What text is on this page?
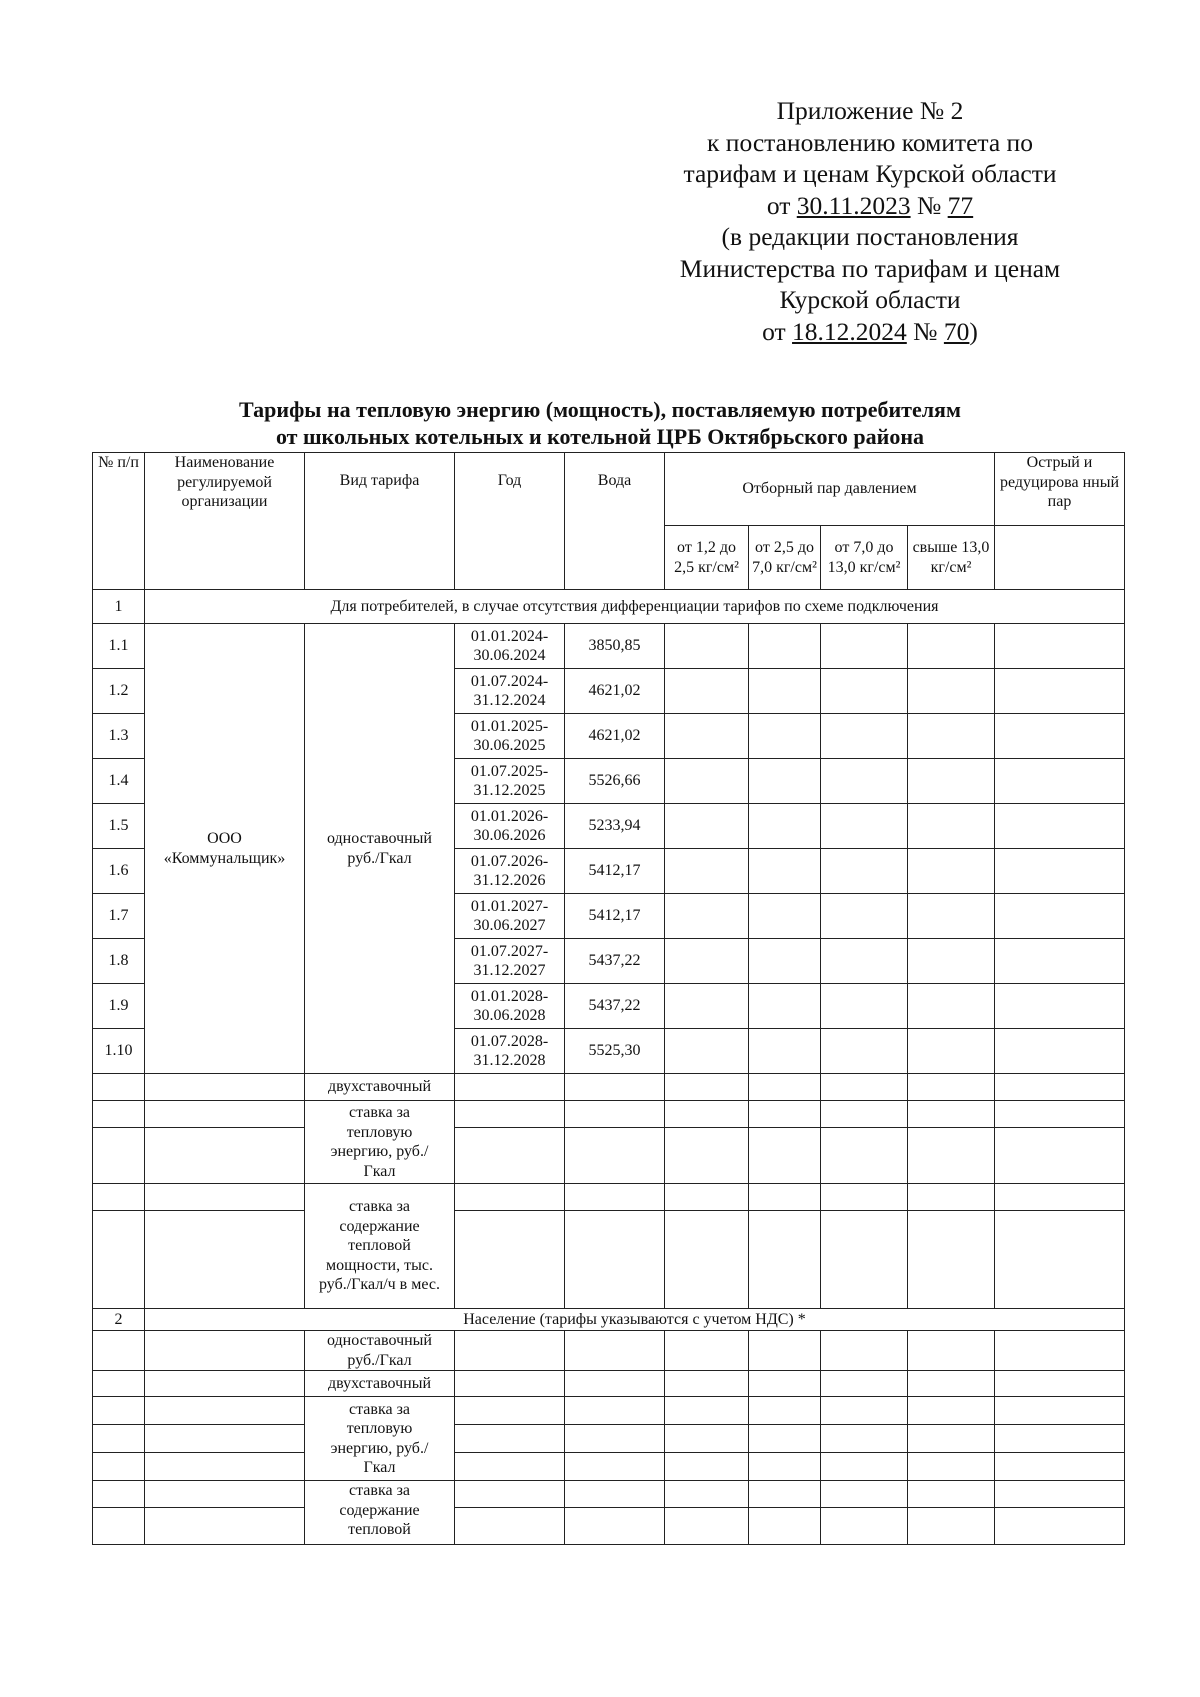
Приложение № 2
к постановлению комитета по
тарифам и ценам Курской области
от 30.11.2023 № 77
(в редакции постановления
Министерства по тарифам и ценам
Курской области
от 18.12.2024 № 70)
Тарифы на тепловую энергию (мощность), поставляемую потребителям
от школьных котельных и котельной ЦРБ Октябрьского района
№ п/п	Наименование регулируемой организации	Вид тарифа	Год	Вода	Отборный пар давлением				Острый и редуцирова нный пар
					от 1,2 до 2,5 кг/см²	от 2,5 до 7,0 кг/см²	от 7,0 до 13,0 кг/см²	свыше 13,0 кг/см²	
1	Для потребителей, в случае отсутствия дифференциации тарифов по схеме подключения								
1.1	ООО «Коммунальщик»	одноставочный руб./Гкал	01.01.2024- 30.06.2024	3850,85					
1.2			01.07.2024- 31.12.2024	4621,02					
1.3			01.01.2025- 30.06.2025	4621,02					
1.4			01.07.2025- 31.12.2025	5526,66					
1.5			01.01.2026- 30.06.2026	5233,94					
1.6			01.07.2026- 31.12.2026	5412,17					
1.7			01.01.2027- 30.06.2027	5412,17					
1.8			01.07.2027- 31.12.2027	5437,22					
1.9			01.01.2028- 30.06.2028	5437,22					
1.10			01.07.2028- 31.12.2028	5525,30					
		двухставочный							
		ставка за тепловую энергию, руб./Гкал							

		ставка за содержание тепловой мощности, тыс. руб./Гкал/ч в мес.							

2	Население (тарифы указываются с учетом НДС) *								
		одноставочный руб./Гкал							
		двухставочный							
		ставка за тепловую энергию, руб./Гкал							

		ставка за содержание тепловой							
